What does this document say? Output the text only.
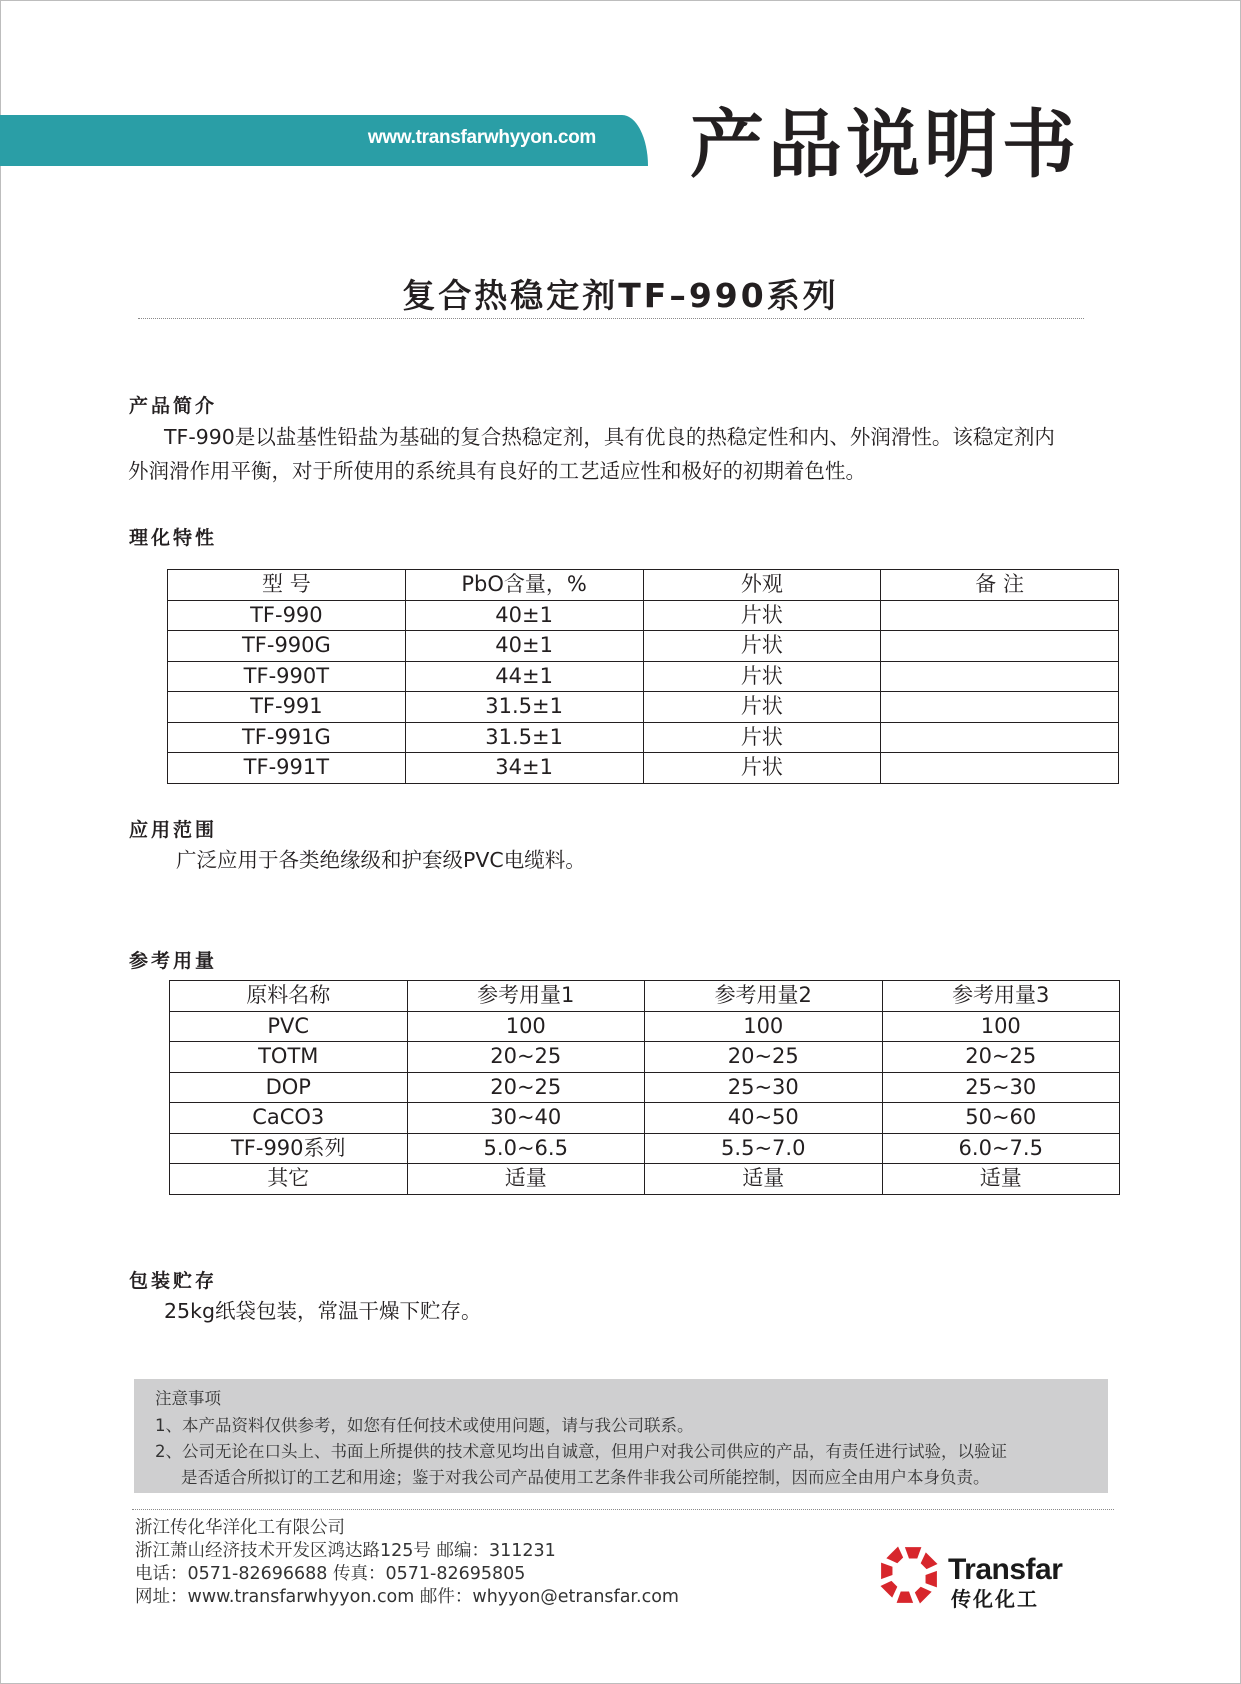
www.transfarwhyyon.com 产品说明书
复合热稳定剂TF–990系列
产品简介
TF-990是以盐基性铅盐为基础的复合热稳定剂，具有优良的热稳定性和内、外润滑性。该稳定剂内
外润滑作用平衡，对于所使用的系统具有良好的工艺适应性和极好的初期着色性。
理化特性
型 号	PbO含量，%	外观	备 注
TF-990	40±1	片状	
TF-990G	40±1	片状	
TF-990T	44±1	片状	
TF-991	31.5±1	片状	
TF-991G	31.5±1	片状	
TF-991T	34±1	片状	
应用范围
广泛应用于各类绝缘级和护套级PVC电缆料。
参考用量
原料名称	参考用量1	参考用量2	参考用量3
PVC	100	100	100
TOTM	20~25	20~25	20~25
DOP	20~25	25~30	25~30
CaCO3	30~40	40~50	50~60
TF-990系列	5.0~6.5	5.5~7.0	6.0~7.5
其它	适量	适量	适量
包装贮存
25kg纸袋包装，常温干燥下贮存。
注意事项
1、本产品资料仅供参考，如您有任何技术或使用问题，请与我公司联系。
2、公司无论在口头上、书面上所提供的技术意见均出自诚意，但用户对我公司供应的产品，有责任进行试验，以验证
是否适合所拟订的工艺和用途；鉴于对我公司产品使用工艺条件非我公司所能控制，因而应全由用户本身负责。
浙江传化华洋化工有限公司
浙江萧山经济技术开发区鸿达路125号 邮编：311231
电话：0571-82696688 传真：0571-82695805
网址：www.transfarwhyyon.com 邮件：whyyon@etransfar.com
Transfar
传化化工
